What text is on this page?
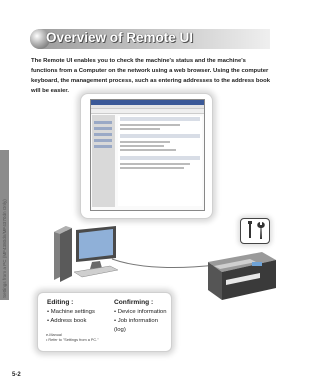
Settings from a PC (MF4380dn/MF4370dn Only)
5-2
Overview of Remote UI
The Remote UI enables you to check the machine's status and the machine's functions from a Computer on the network using a web browser. Using the computer keyboard, the management process, such as entering addresses to the address book will be easier.
Editing :
• Machine settings
• Address book
Confirming :
• Device information
• Job information (log)
e-Manual
• Refer to "Settings from a PC."
